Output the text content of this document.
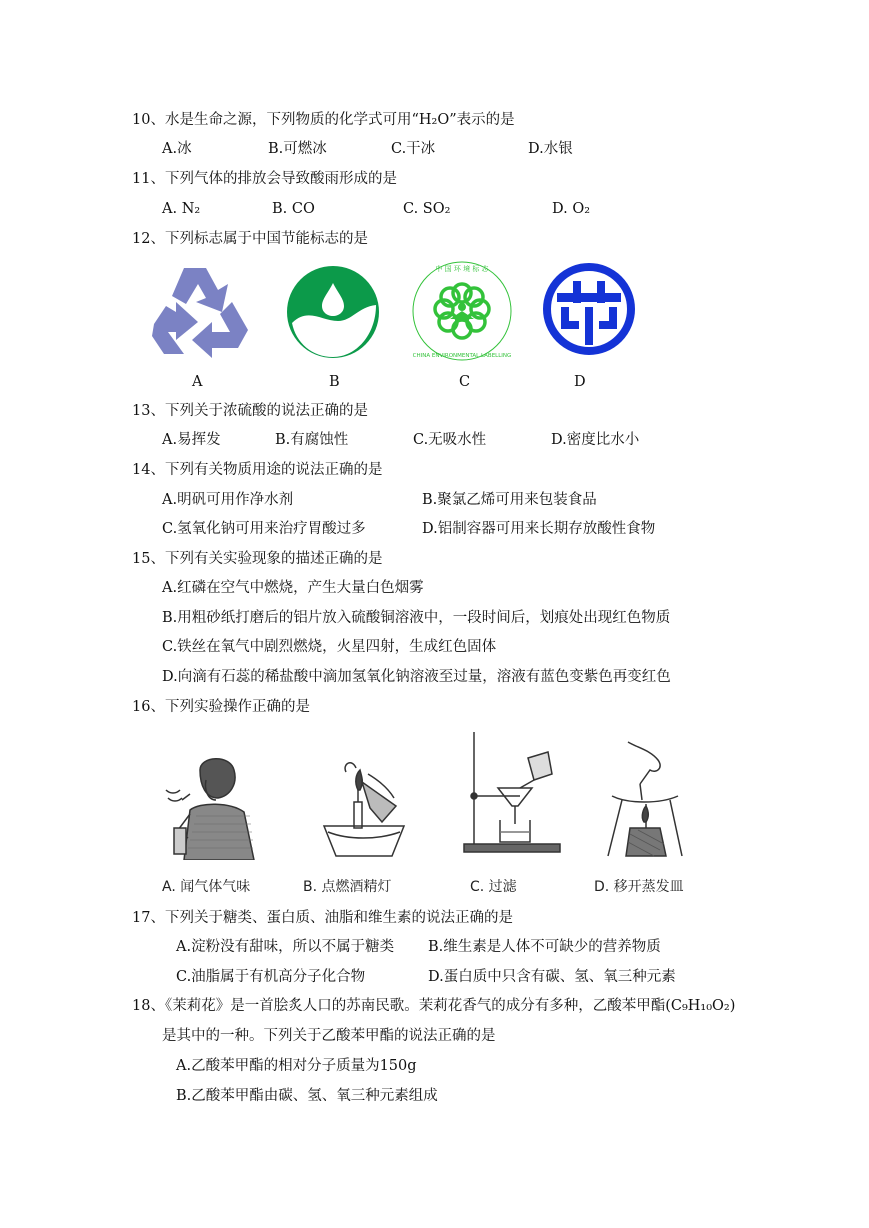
10、水是生命之源，下列物质的化学式可用“H₂O”表示的是
A.冰	B.可燃冰	C.干冰	D.水银
11、下列气体的排放会导致酸雨形成的是
A. N₂	B. CO	C. SO₂	D. O₂
12、下列标志属于中国节能标志的是
中 国 环 境 标 志
CHINA ENVIRONMENTAL LABELLING
A	B	C	D
13、下列关于浓硫酸的说法正确的是
A.易挥发	B.有腐蚀性	C.无吸水性	D.密度比水小
14、下列有关物质用途的说法正确的是
A.明矾可用作净水剂	B.聚氯乙烯可用来包装食品
C.氢氧化钠可用来治疗胃酸过多	D.铝制容器可用来长期存放酸性食物
15、下列有关实验现象的描述正确的是
A.红磷在空气中燃烧，产生大量白色烟雾
B.用粗砂纸打磨后的铝片放入硫酸铜溶液中，一段时间后，划痕处出现红色物质
C.铁丝在氧气中剧烈燃烧，火星四射，生成红色固体
D.向滴有石蕊的稀盐酸中滴加氢氧化钠溶液至过量，溶液有蓝色变紫色再变红色
16、下列实验操作正确的是
A. 闻气体气味	B. 点燃酒精灯	C. 过滤	D. 移开蒸发皿
17、下列关于糖类、蛋白质、油脂和维生素的说法正确的是
A.淀粉没有甜味，所以不属于糖类 B.维生素是人体不可缺少的营养物质
C.油脂属于有机高分子化合物	D.蛋白质中只含有碳、氢、氧三种元素
18、《茉莉花》是一首脍炙人口的苏南民歌。茉莉花香气的成分有多种，乙酸苯甲酯(C₉H₁₀O₂)
是其中的一种。下列关于乙酸苯甲酯的说法正确的是
A.乙酸苯甲酯的相对分子质量为150g
B.乙酸苯甲酯由碳、氢、氧三种元素组成
